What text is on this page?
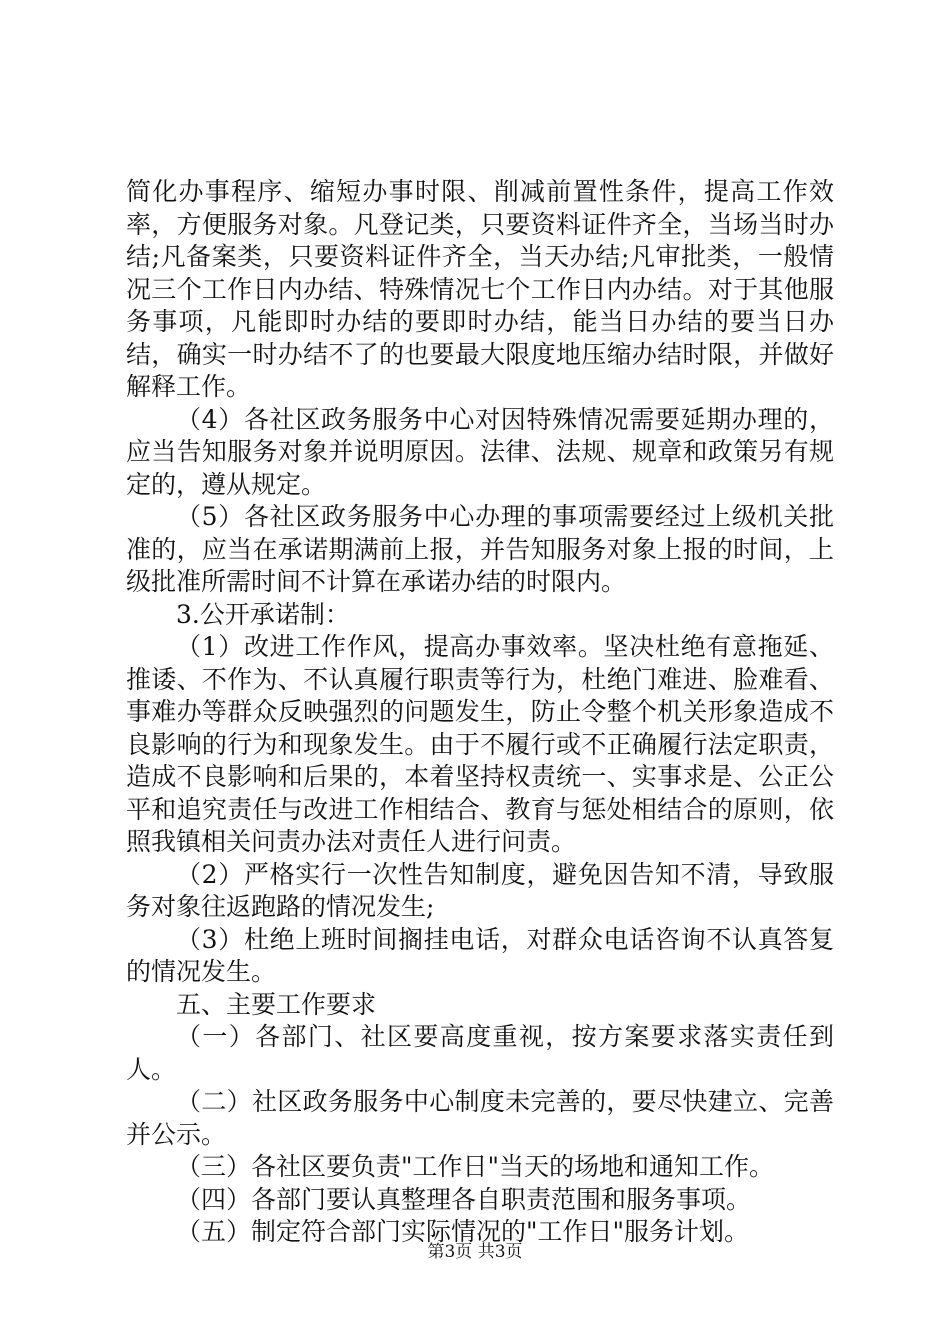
简化办事程序、缩短办事时限、削减前置性条件，提高工作效率，方便服务对象。凡登记类，只要资料证件齐全，当场当时办结;凡备案类，只要资料证件齐全，当天办结;凡审批类，一般情况三个工作日内办结、特殊情况七个工作日内办结。对于其他服务事项，凡能即时办结的要即时办结，能当日办结的要当日办结，确实一时办结不了的也要最大限度地压缩办结时限，并做好解释工作。

（4）各社区政务服务中心对因特殊情况需要延期办理的，应当告知服务对象并说明原因。法律、法规、规章和政策另有规定的，遵从规定。

（5）各社区政务服务中心办理的事项需要经过上级机关批准的，应当在承诺期满前上报，并告知服务对象上报的时间，上级批准所需时间不计算在承诺办结的时限内。

3.公开承诺制：

（1）改进工作作风，提高办事效率。坚决杜绝有意拖延、推诿、不作为、不认真履行职责等行为，杜绝门难进、脸难看、事难办等群众反映强烈的问题发生，防止令整个机关形象造成不良影响的行为和现象发生。由于不履行或不正确履行法定职责，造成不良影响和后果的，本着坚持权责统一、实事求是、公正公平和追究责任与改进工作相结合、教育与惩处相结合的原则，依照我镇相关问责办法对责任人进行问责。

（2）严格实行一次性告知制度，避免因告知不清，导致服务对象往返跑路的情况发生;

（3）杜绝上班时间搁挂电话，对群众电话咨询不认真答复的情况发生。

五、主要工作要求

（一）各部门、社区要高度重视，按方案要求落实责任到人。

（二）社区政务服务中心制度未完善的，要尽快建立、完善并公示。

（三）各社区要负责"工作日"当天的场地和通知工作。

（四）各部门要认真整理各自职责范围和服务事项。

（五）制定符合部门实际情况的"工作日"服务计划。

第3页 共3页
